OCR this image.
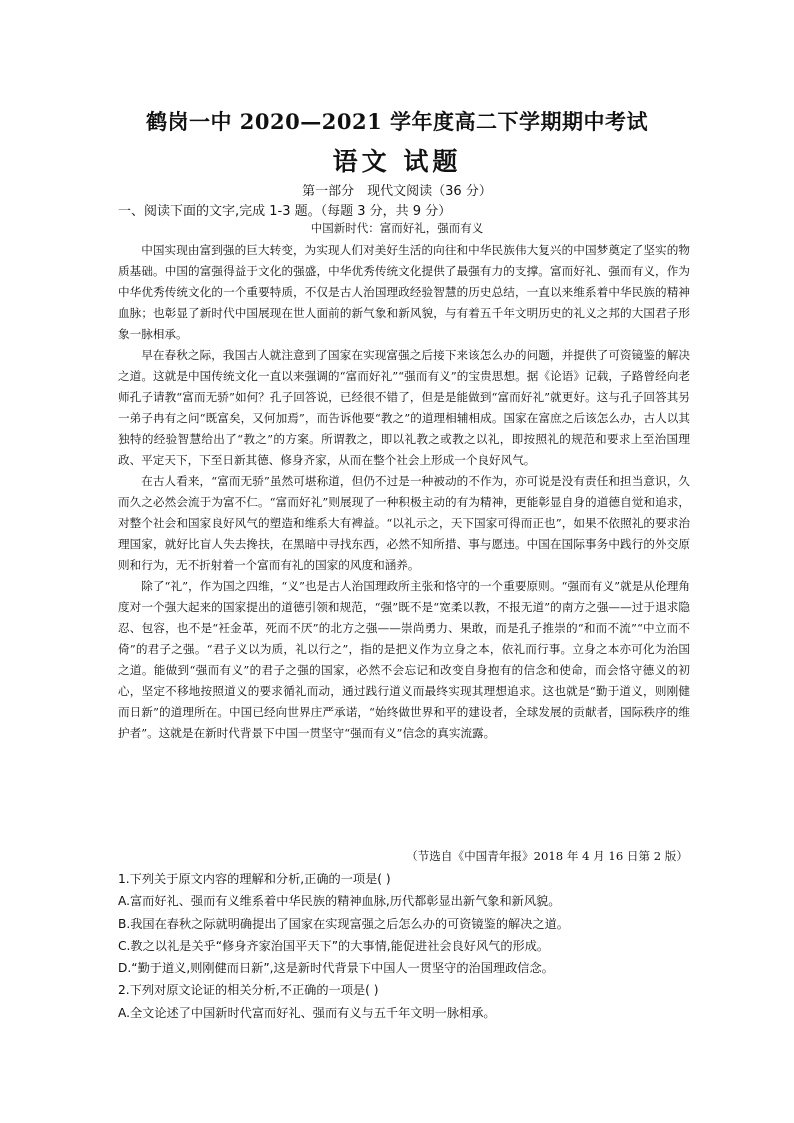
鹤岗一中 2020—2021 学年度高二下学期期中考试
语文 试题
第一部分　现代文阅读（36 分）
一、阅读下面的文字,完成 1-3 题。（每题 3 分，共 9 分）
中国新时代：富而好礼，强而有义

中国实现由富到强的巨大转变，为实现人们对美好生活的向往和中华民族伟大复兴的中国梦奠定了坚实的物质基础。中国的富强得益于文化的强盛，中华优秀传统文化提供了最强有力的支撑。富而好礼、强而有义，作为中华优秀传统文化的一个重要特质，不仅是古人治国理政经验智慧的历史总结，一直以来维系着中华民族的精神血脉；也彰显了新时代中国展现在世人面前的新气象和新风貌，与有着五千年文明历史的礼义之邦的大国君子形象一脉相承。

早在春秋之际，我国古人就注意到了国家在实现富强之后接下来该怎么办的问题，并提供了可资镜鉴的解决之道。这就是中国传统文化一直以来强调的“富而好礼”“强而有义”的宝贵思想。据《论语》记载，子路曾经向老师孔子请教“富而无骄”如何？孔子回答说，已经很不错了，但是是能做到“富而好礼”就更好。这与孔子回答其另一弟子冉有之问“既富矣，又何加焉”，而告诉他要“教之”的道理相辅相成。国家在富庶之后该怎么办，古人以其独特的经验智慧给出了“教之”的方案。所谓教之，即以礼教之或教之以礼，即按照礼的规范和要求上至治国理政、平定天下，下至日新其德、修身齐家，从而在整个社会上形成一个良好风气。

在古人看来，“富而无骄”虽然可堪称道，但仍不过是一种被动的不作为，亦可说是没有责任和担当意识，久而久之必然会流于为富不仁。“富而好礼”则展现了一种积极主动的有为精神，更能彰显自身的道德自觉和追求，对整个社会和国家良好风气的塑造和维系大有裨益。“以礼示之，天下国家可得而正也”，如果不依照礼的要求治理国家，就好比盲人失去搀扶，在黑暗中寻找东西，必然不知所措、事与愿违。中国在国际事务中践行的外交原则和行为，无不折射着一个富而有礼的国家的风度和涵养。

除了“礼”，作为国之四维，“义”也是古人治国理政所主张和恪守的一个重要原则。“强而有义”就是从伦理角度对一个强大起来的国家提出的道德引领和规范，“强”既不是“宽柔以教，不报无道”的南方之强——过于退求隐忍、包容，也不是“衽金革，死而不厌”的北方之强——崇尚勇力、果敢，而是孔子推崇的“和而不流”“中立而不倚”的君子之强。“君子义以为质，礼以行之”，指的是把义作为立身之本，依礼而行事。立身之本亦可化为治国之道。能做到“强而有义”的君子之强的国家，必然不会忘记和改变自身抱有的信念和使命，而会恪守德义的初心，坚定不移地按照道义的要求循礼而动，通过践行道义而最终实现其理想追求。这也就是“勤于道义，则刚健而日新”的道理所在。中国已经向世界庄严承诺，“始终做世界和平的建设者，全球发展的贡献者，国际秩序的维护者”。这就是在新时代背景下中国一贯坚守“强而有义”信念的真实流露。

（节选自《中国青年报》2018 年 4 月 16 日第 2 版）
1.下列关于原文内容的理解和分析,正确的一项是( )
A.富而好礼、强而有义维系着中华民族的精神血脉,历代都彰显出新气象和新风貌。
B.我国在春秋之际就明确提出了国家在实现富强之后怎么办的可资镜鉴的解决之道。
C.教之以礼是关乎“修身齐家治国平天下”的大事情,能促进社会良好风气的形成。
D.“勤于道义,则刚健而日新”,这是新时代背景下中国人一贯坚守的治国理政信念。
2.下列对原文论证的相关分析,不正确的一项是( )
A.全文论述了中国新时代富而好礼、强而有义与五千年文明一脉相承。
